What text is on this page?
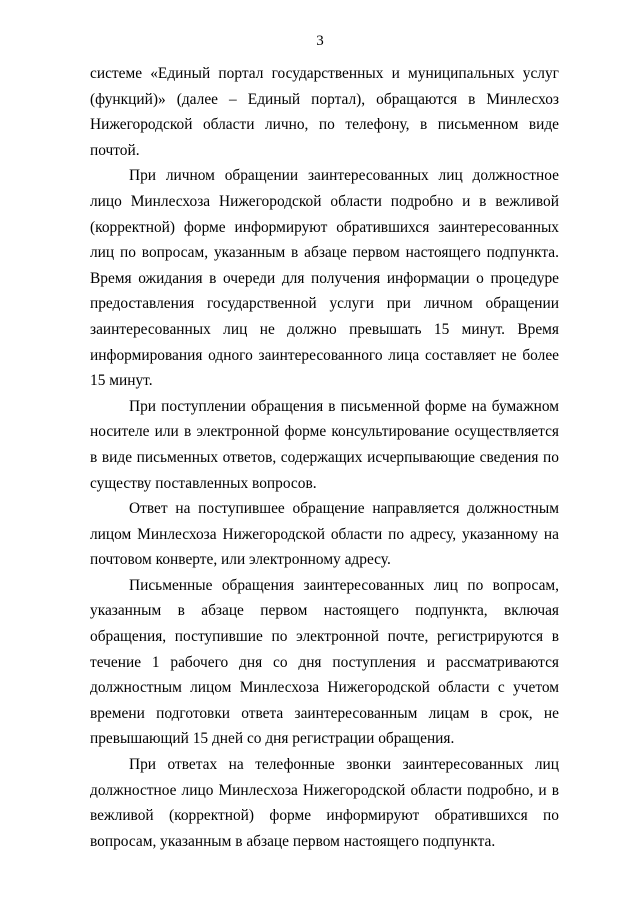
3

системе «Единый портал государственных и муниципальных услуг (функций)» (далее – Единый портал), обращаются в Минлесхоз Нижегородской области лично, по телефону, в письменном виде почтой.

При личном обращении заинтересованных лиц должностное лицо Минлесхоза Нижегородской области подробно и в вежливой (корректной) форме информируют обратившихся заинтересованных лиц по вопросам, указанным в абзаце первом настоящего подпункта. Время ожидания в очереди для получения информации о процедуре предоставления государственной услуги при личном обращении заинтересованных лиц не должно превышать 15 минут. Время информирования одного заинтересованного лица составляет не более 15 минут.

При поступлении обращения в письменной форме на бумажном носителе или в электронной форме консультирование осуществляется в виде письменных ответов, содержащих исчерпывающие сведения по существу поставленных вопросов.

Ответ на поступившее обращение направляется должностным лицом Минлесхоза Нижегородской области по адресу, указанному на почтовом конверте, или электронному адресу.

Письменные обращения заинтересованных лиц по вопросам, указанным в абзаце первом настоящего подпункта, включая обращения, поступившие по электронной почте, регистрируются в течение 1 рабочего дня со дня поступления и рассматриваются должностным лицом Минлесхоза Нижегородской области с учетом времени подготовки ответа заинтересованным лицам в срок, не превышающий 15 дней со дня регистрации обращения.

При ответах на телефонные звонки заинтересованных лиц должностное лицо Минлесхоза Нижегородской области подробно, и в вежливой (корректной) форме информируют обратившихся по вопросам, указанным в абзаце первом настоящего подпункта.
